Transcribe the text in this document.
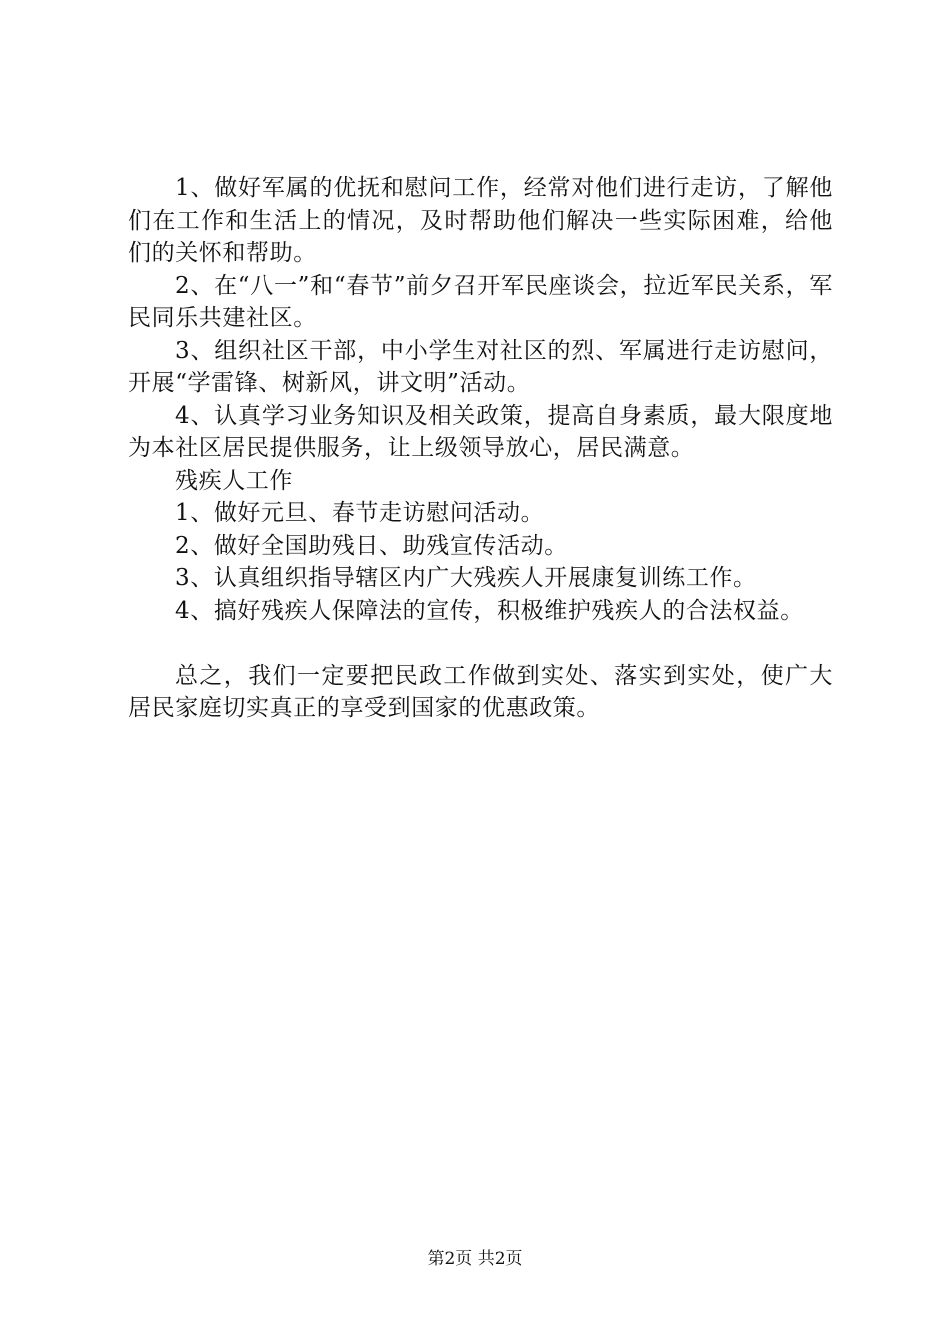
1、做好军属的优抚和慰问工作，经常对他们进行走访，了解他们在工作和生活上的情况，及时帮助他们解决一些实际困难，给他们的关怀和帮助。

2、在“八一”和“春节”前夕召开军民座谈会，拉近军民关系，军民同乐共建社区。

3、组织社区干部，中小学生对社区的烈、军属进行走访慰问，开展“学雷锋、树新风，讲文明”活动。

4、认真学习业务知识及相关政策，提高自身素质，最大限度地为本社区居民提供服务，让上级领导放心，居民满意。

残疾人工作

1、做好元旦、春节走访慰问活动。

2、做好全国助残日、助残宣传活动。

3、认真组织指导辖区内广大残疾人开展康复训练工作。

4、搞好残疾人保障法的宣传，积极维护残疾人的合法权益。

总之，我们一定要把民政工作做到实处、落实到实处，使广大居民家庭切实真正的享受到国家的优惠政策。

第2页 共2页
